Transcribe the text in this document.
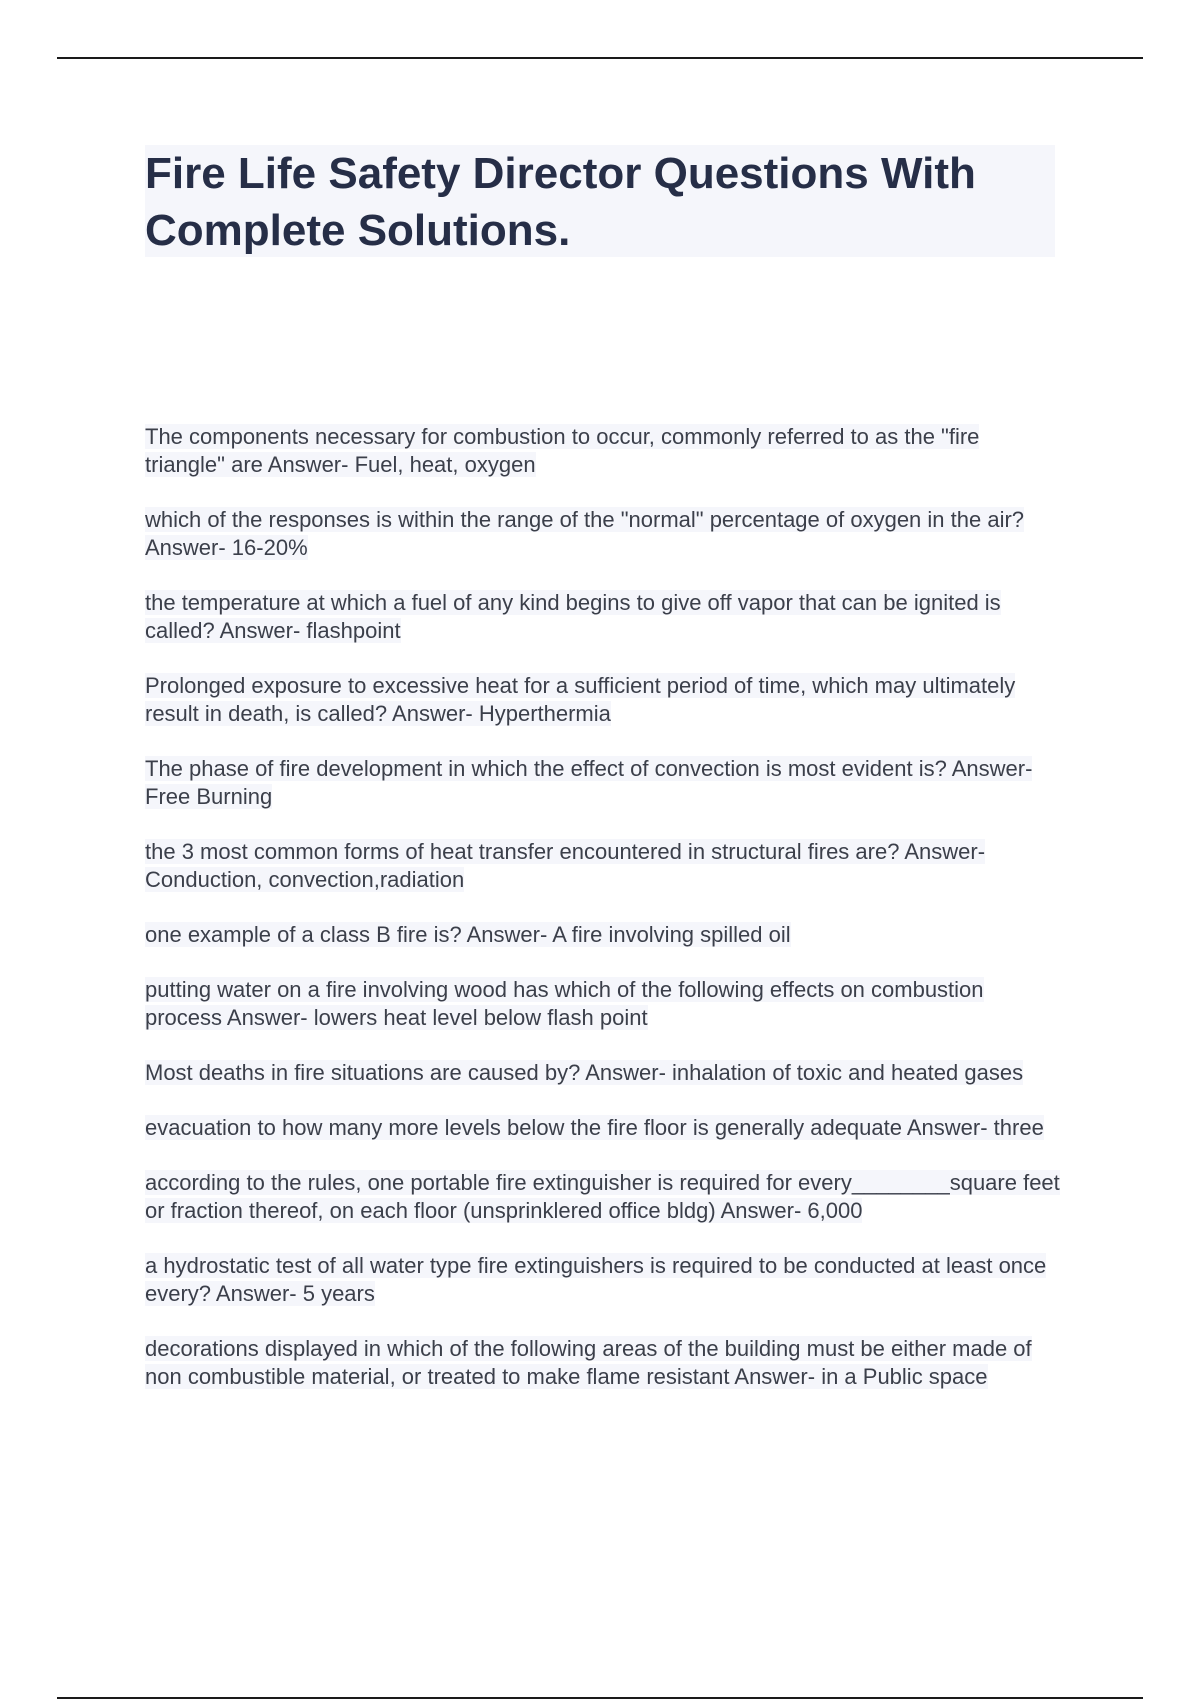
Fire Life Safety Director Questions With Complete Solutions.
The components necessary for combustion to occur, commonly referred to as the "fire triangle" are Answer- Fuel, heat, oxygen
which of the responses is within the range of the "normal" percentage of oxygen in the air? Answer- 16-20%
the temperature at which a fuel of any kind begins to give off vapor that can be ignited is called? Answer- flashpoint
Prolonged exposure to excessive heat for a sufficient period of time, which may ultimately result in death, is called? Answer- Hyperthermia
The phase of fire development in which the effect of convection is most evident is? Answer- Free Burning
the 3 most common forms of heat transfer encountered in structural fires are? Answer- Conduction, convection,radiation
one example of a class B fire is? Answer- A fire involving spilled oil
putting water on a fire involving wood has which of the following effects on combustion process Answer- lowers heat level below flash point
Most deaths in fire situations are caused by? Answer- inhalation of toxic and heated gases
evacuation to how many more levels below the fire floor is generally adequate Answer- three
according to the rules, one portable fire extinguisher is required for every________square feet or fraction thereof, on each floor (unsprinklered office bldg) Answer- 6,000
a hydrostatic test of all water type fire extinguishers is required to be conducted at least once every? Answer- 5 years
decorations displayed in which of the following areas of the building must be either made of non combustible material, or treated to make flame resistant Answer- in a Public space
